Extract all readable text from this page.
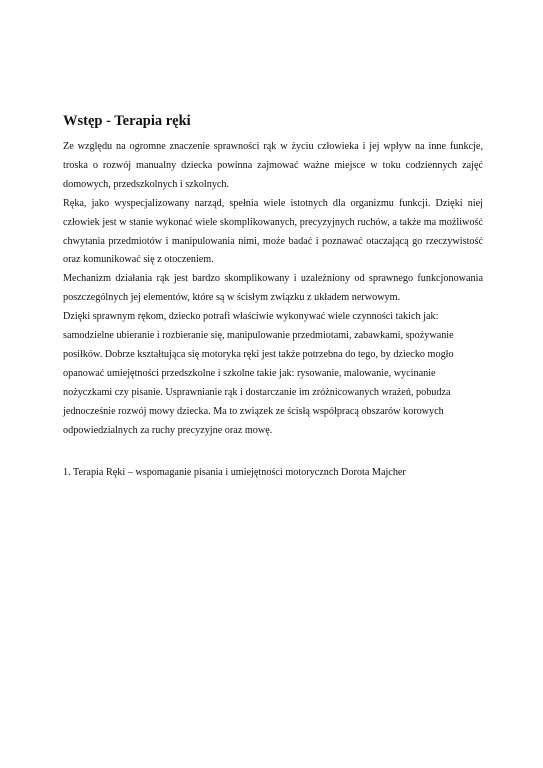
Wstęp - Terapia ręki

Ze względu na ogromne znaczenie sprawności rąk w życiu człowieka i jej wpływ na inne funkcje, troska o rozwój manualny dziecka powinna zajmować ważne miejsce w toku codziennych zajęć domowych, przedszkolnych i szkolnych.

Ręka, jako wyspecjalizowany narząd, spełnia wiele istotnych dla organizmu funkcji. Dzięki niej człowiek jest w stanie wykonać wiele skomplikowanych, precyzyjnych ruchów, a także ma możliwość chwytania przedmiotów i manipulowania nimi, może badać i poznawać otaczającą go rzeczywistość oraz komunikować się z otoczeniem.

Mechanizm działania rąk jest bardzo skomplikowany i uzależniony od sprawnego funkcjonowania poszczególnych jej elementów, które są w ścisłym związku z układem nerwowym.

Dzięki sprawnym rękom, dziecko potrafi właściwie wykonywać wiele czynności takich jak: samodzielne ubieranie i rozbieranie się, manipulowanie przedmiotami, zabawkami, spożywanie posiłków. Dobrze kształtująca się motoryka ręki jest także potrzebna do tego, by dziecko mogło opanować umiejętności przedszkolne i szkolne takie jak: rysowanie, malowanie, wycinanie nożyczkami czy pisanie. Usprawnianie rąk i dostarczanie im zróżnicowanych wrażeń, pobudza jednocześnie rozwój mowy dziecka. Ma to związek ze ścisłą współpracą obszarów korowych odpowiedzialnych za ruchy precyzyjne oraz mowę.

1. Terapia Ręki – wspomaganie pisania i umiejętności motorycznch Dorota Majcher
